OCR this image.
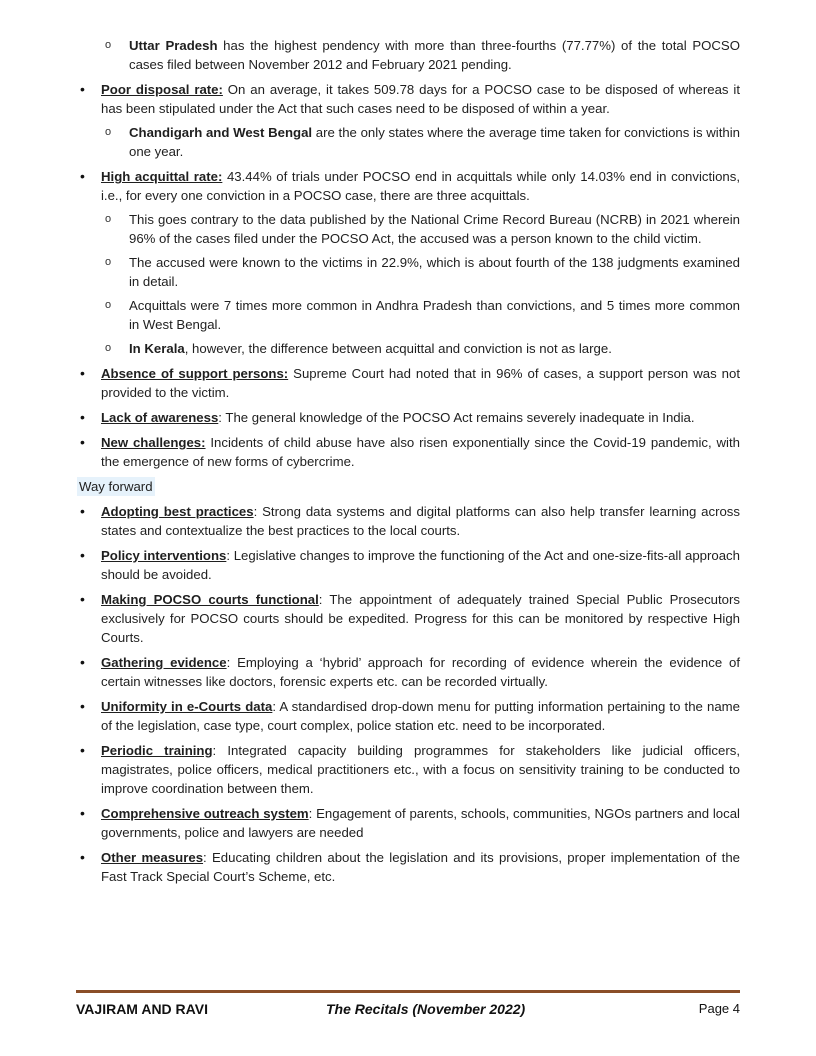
ο Uttar Pradesh has the highest pendency with more than three-fourths (77.77%) of the total POCSO cases filed between November 2012 and February 2021 pending.
• Poor disposal rate: On an average, it takes 509.78 days for a POCSO case to be disposed of whereas it has been stipulated under the Act that such cases need to be disposed of within a year.
ο Chandigarh and West Bengal are the only states where the average time taken for convictions is within one year.
• High acquittal rate: 43.44% of trials under POCSO end in acquittals while only 14.03% end in convictions, i.e., for every one conviction in a POCSO case, there are three acquittals.
ο This goes contrary to the data published by the National Crime Record Bureau (NCRB) in 2021 wherein 96% of the cases filed under the POCSO Act, the accused was a person known to the child victim.
ο The accused were known to the victims in 22.9%, which is about fourth of the 138 judgments examined in detail.
ο Acquittals were 7 times more common in Andhra Pradesh than convictions, and 5 times more common in West Bengal.
ο In Kerala, however, the difference between acquittal and conviction is not as large.
• Absence of support persons: Supreme Court had noted that in 96% of cases, a support person was not provided to the victim.
• Lack of awareness: The general knowledge of the POCSO Act remains severely inadequate in India.
• New challenges: Incidents of child abuse have also risen exponentially since the Covid-19 pandemic, with the emergence of new forms of cybercrime.
Way forward
• Adopting best practices: Strong data systems and digital platforms can also help transfer learning across states and contextualize the best practices to the local courts.
• Policy interventions: Legislative changes to improve the functioning of the Act and one-size-fits-all approach should be avoided.
• Making POCSO courts functional: The appointment of adequately trained Special Public Prosecutors exclusively for POCSO courts should be expedited. Progress for this can be monitored by respective High Courts.
• Gathering evidence: Employing a ‘hybrid’ approach for recording of evidence wherein the evidence of certain witnesses like doctors, forensic experts etc. can be recorded virtually.
• Uniformity in e-Courts data: A standardised drop-down menu for putting information pertaining to the name of the legislation, case type, court complex, police station etc. need to be incorporated.
• Periodic training: Integrated capacity building programmes for stakeholders like judicial officers, magistrates, police officers, medical practitioners etc., with a focus on sensitivity training to be conducted to improve coordination between them.
• Comprehensive outreach system: Engagement of parents, schools, communities, NGOs partners and local governments, police and lawyers are needed
• Other measures: Educating children about the legislation and its provisions, proper implementation of the Fast Track Special Court’s Scheme, etc.
VAJIRAM AND RAVI	The Recitals (November 2022)	Page 4
